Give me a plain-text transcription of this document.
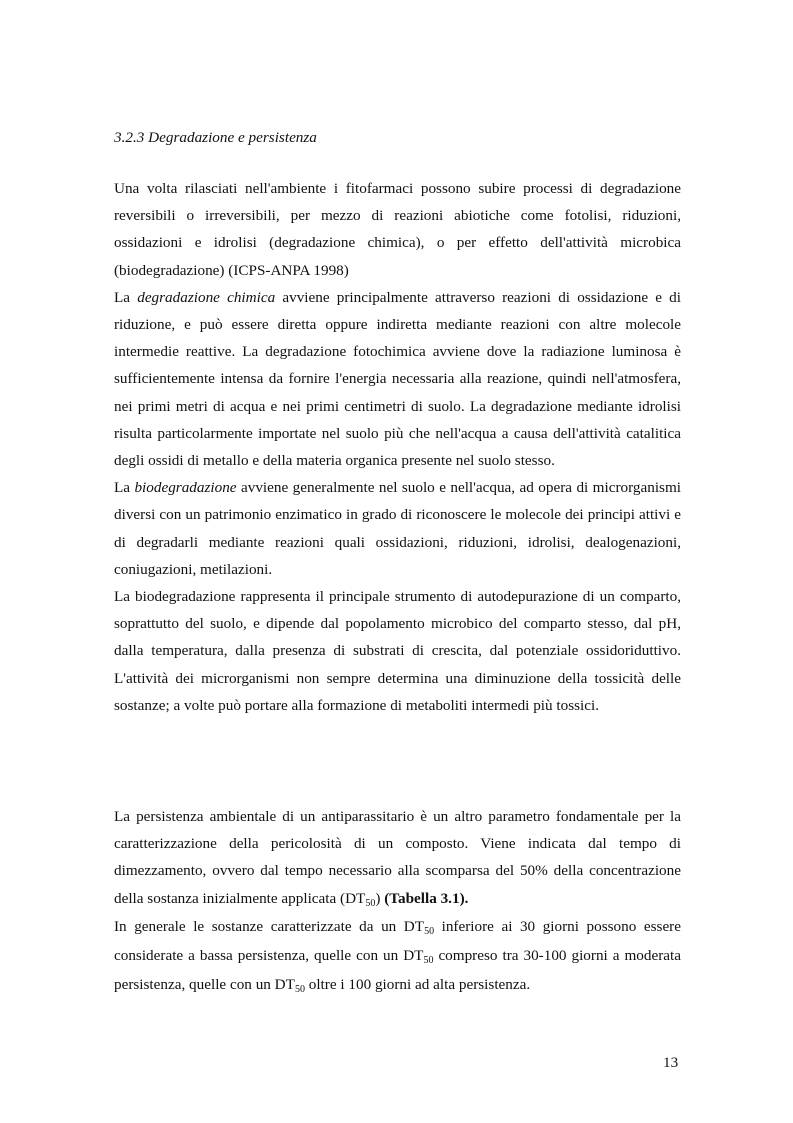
3.2.3 Degradazione e persistenza

Una volta rilasciati nell'ambiente i fitofarmaci possono subire processi di degradazione reversibili o irreversibili, per mezzo di reazioni abiotiche come fotolisi, riduzioni, ossidazioni e idrolisi (degradazione chimica), o per effetto dell'attività microbica (biodegradazione) (ICPS-ANPA 1998)

La degradazione chimica avviene principalmente attraverso reazioni di ossidazione e di riduzione, e può essere diretta oppure indiretta mediante reazioni con altre molecole intermedie reattive. La degradazione fotochimica avviene dove la radiazione luminosa è sufficientemente intensa da fornire l'energia necessaria alla reazione, quindi nell'atmosfera, nei primi metri di acqua e nei primi centimetri di suolo. La degradazione mediante idrolisi risulta particolarmente importate nel suolo più che nell'acqua a causa dell'attività catalitica degli ossidi di metallo e della materia organica presente nel suolo stesso.

La biodegradazione avviene generalmente nel suolo e nell'acqua, ad opera di microrganismi diversi con un patrimonio enzimatico in grado di riconoscere le molecole dei principi attivi e di degradarli mediante reazioni quali ossidazioni, riduzioni, idrolisi, dealogenazioni, coniugazioni, metilazioni.

La biodegradazione rappresenta il principale strumento di autodepurazione di un comparto, soprattutto del suolo, e dipende dal popolamento microbico del comparto stesso, dal pH, dalla temperatura, dalla presenza di substrati di crescita, dal potenziale ossidoriduttivo. L'attività dei microrganismi non sempre determina una diminuzione della tossicità delle sostanze; a volte può portare alla formazione di metaboliti intermedi più tossici.

La persistenza ambientale di un antiparassitario è un altro parametro fondamentale per la caratterizzazione della pericolosità di un composto. Viene indicata dal tempo di dimezzamento, ovvero dal tempo necessario alla scomparsa del 50% della concentrazione della sostanza inizialmente applicata $(DT_{50})$ (Tabella 3.1).

In generale le sostanze caratterizzate da un $DT_{50}$ inferiore ai 30 giorni possono essere considerate a bassa persistenza, quelle con un $DT_{50}$ compreso tra 30-100 giorni a moderata persistenza, quelle con un $DT_{50}$ oltre i 100 giorni ad alta persistenza.

13
